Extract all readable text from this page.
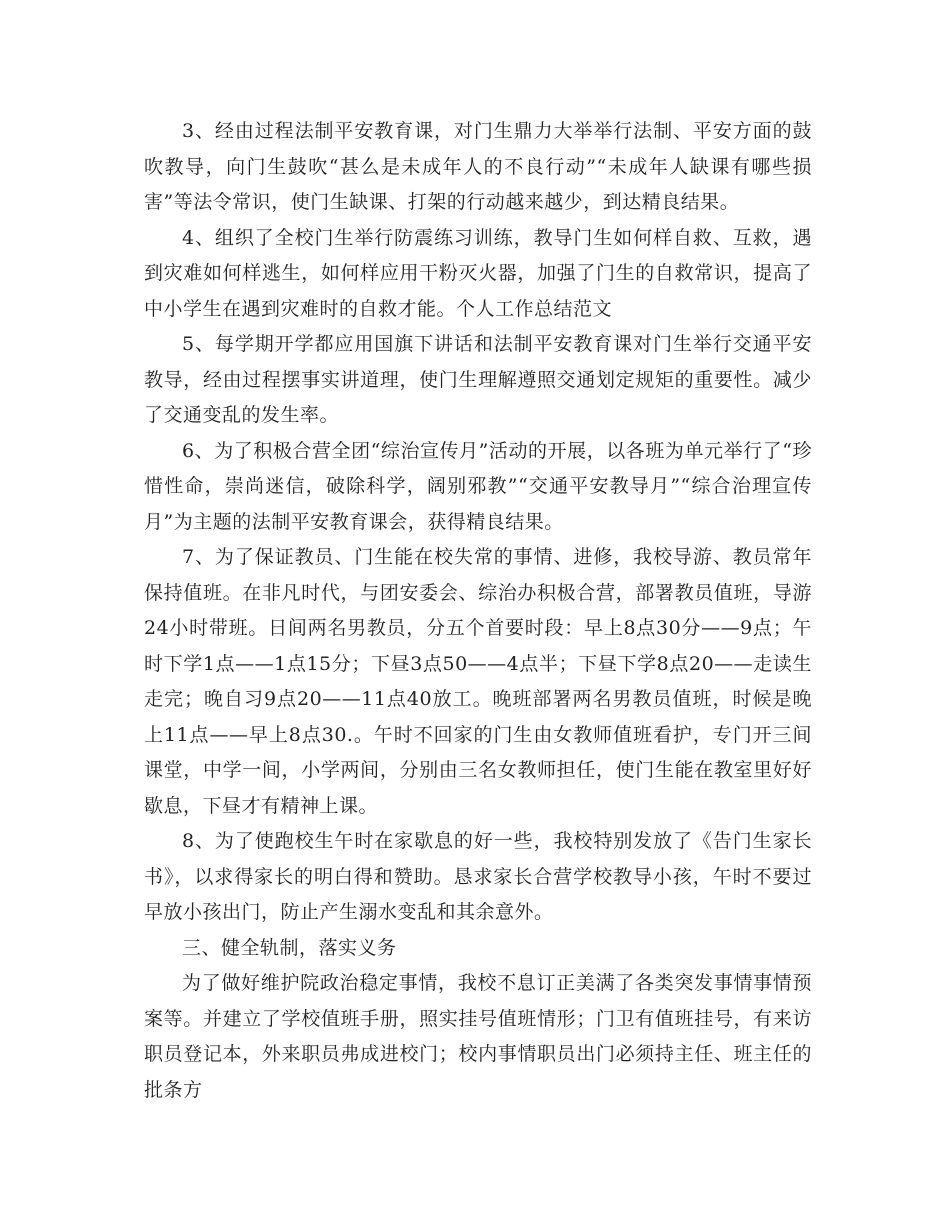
3、经由过程法制平安教育课，对门生鼎力大举举行法制、平安方面的鼓吹教导，向门生鼓吹“甚么是未成年人的不良行动”“未成年人缺课有哪些损害”等法令常识，使门生缺课、打架的行动越来越少，到达精良结果。

4、组织了全校门生举行防震练习训练，教导门生如何样自救、互救，遇到灾难如何样逃生，如何样应用干粉灭火器，加强了门生的自救常识，提高了中小学生在遇到灾难时的自救才能。个人工作总结范文

5、每学期开学都应用国旗下讲话和法制平安教育课对门生举行交通平安教导，经由过程摆事实讲道理，使门生理解遵照交通划定规矩的重要性。减少了交通变乱的发生率。

6、为了积极合营全团“综治宣传月”活动的开展，以各班为单元举行了“珍惜性命，崇尚迷信，破除科学，阔别邪教”“交通平安教导月”“综合治理宣传月”为主题的法制平安教育课会，获得精良结果。

7、为了保证教员、门生能在校失常的事情、进修，我校导游、教员常年保持值班。在非凡时代，与团安委会、综治办积极合营，部署教员值班，导游24小时带班。日间两名男教员，分五个首要时段：早上8点30分——9点；午时下学1点——1点15分；下昼3点50——4点半；下昼下学8点20——走读生走完；晚自习9点20——11点40放工。晚班部署两名男教员值班，时候是晚上11点——早上8点30.。午时不回家的门生由女教师值班看护，专门开三间课堂，中学一间，小学两间，分别由三名女教师担任，使门生能在教室里好好歇息，下昼才有精神上课。

8、为了使跑校生午时在家歇息的好一些，我校特别发放了《告门生家长书》，以求得家长的明白得和赞助。恳求家长合营学校教导小孩，午时不要过早放小孩出门，防止产生溺水变乱和其余意外。

三、健全轨制，落实义务

为了做好维护院政治稳定事情，我校不息订正美满了各类突发事情事情预案等。并建立了学校值班手册，照实挂号值班情形；门卫有值班挂号，有来访职员登记本，外来职员弗成进校门；校内事情职员出门必须持主任、班主任的批条方
